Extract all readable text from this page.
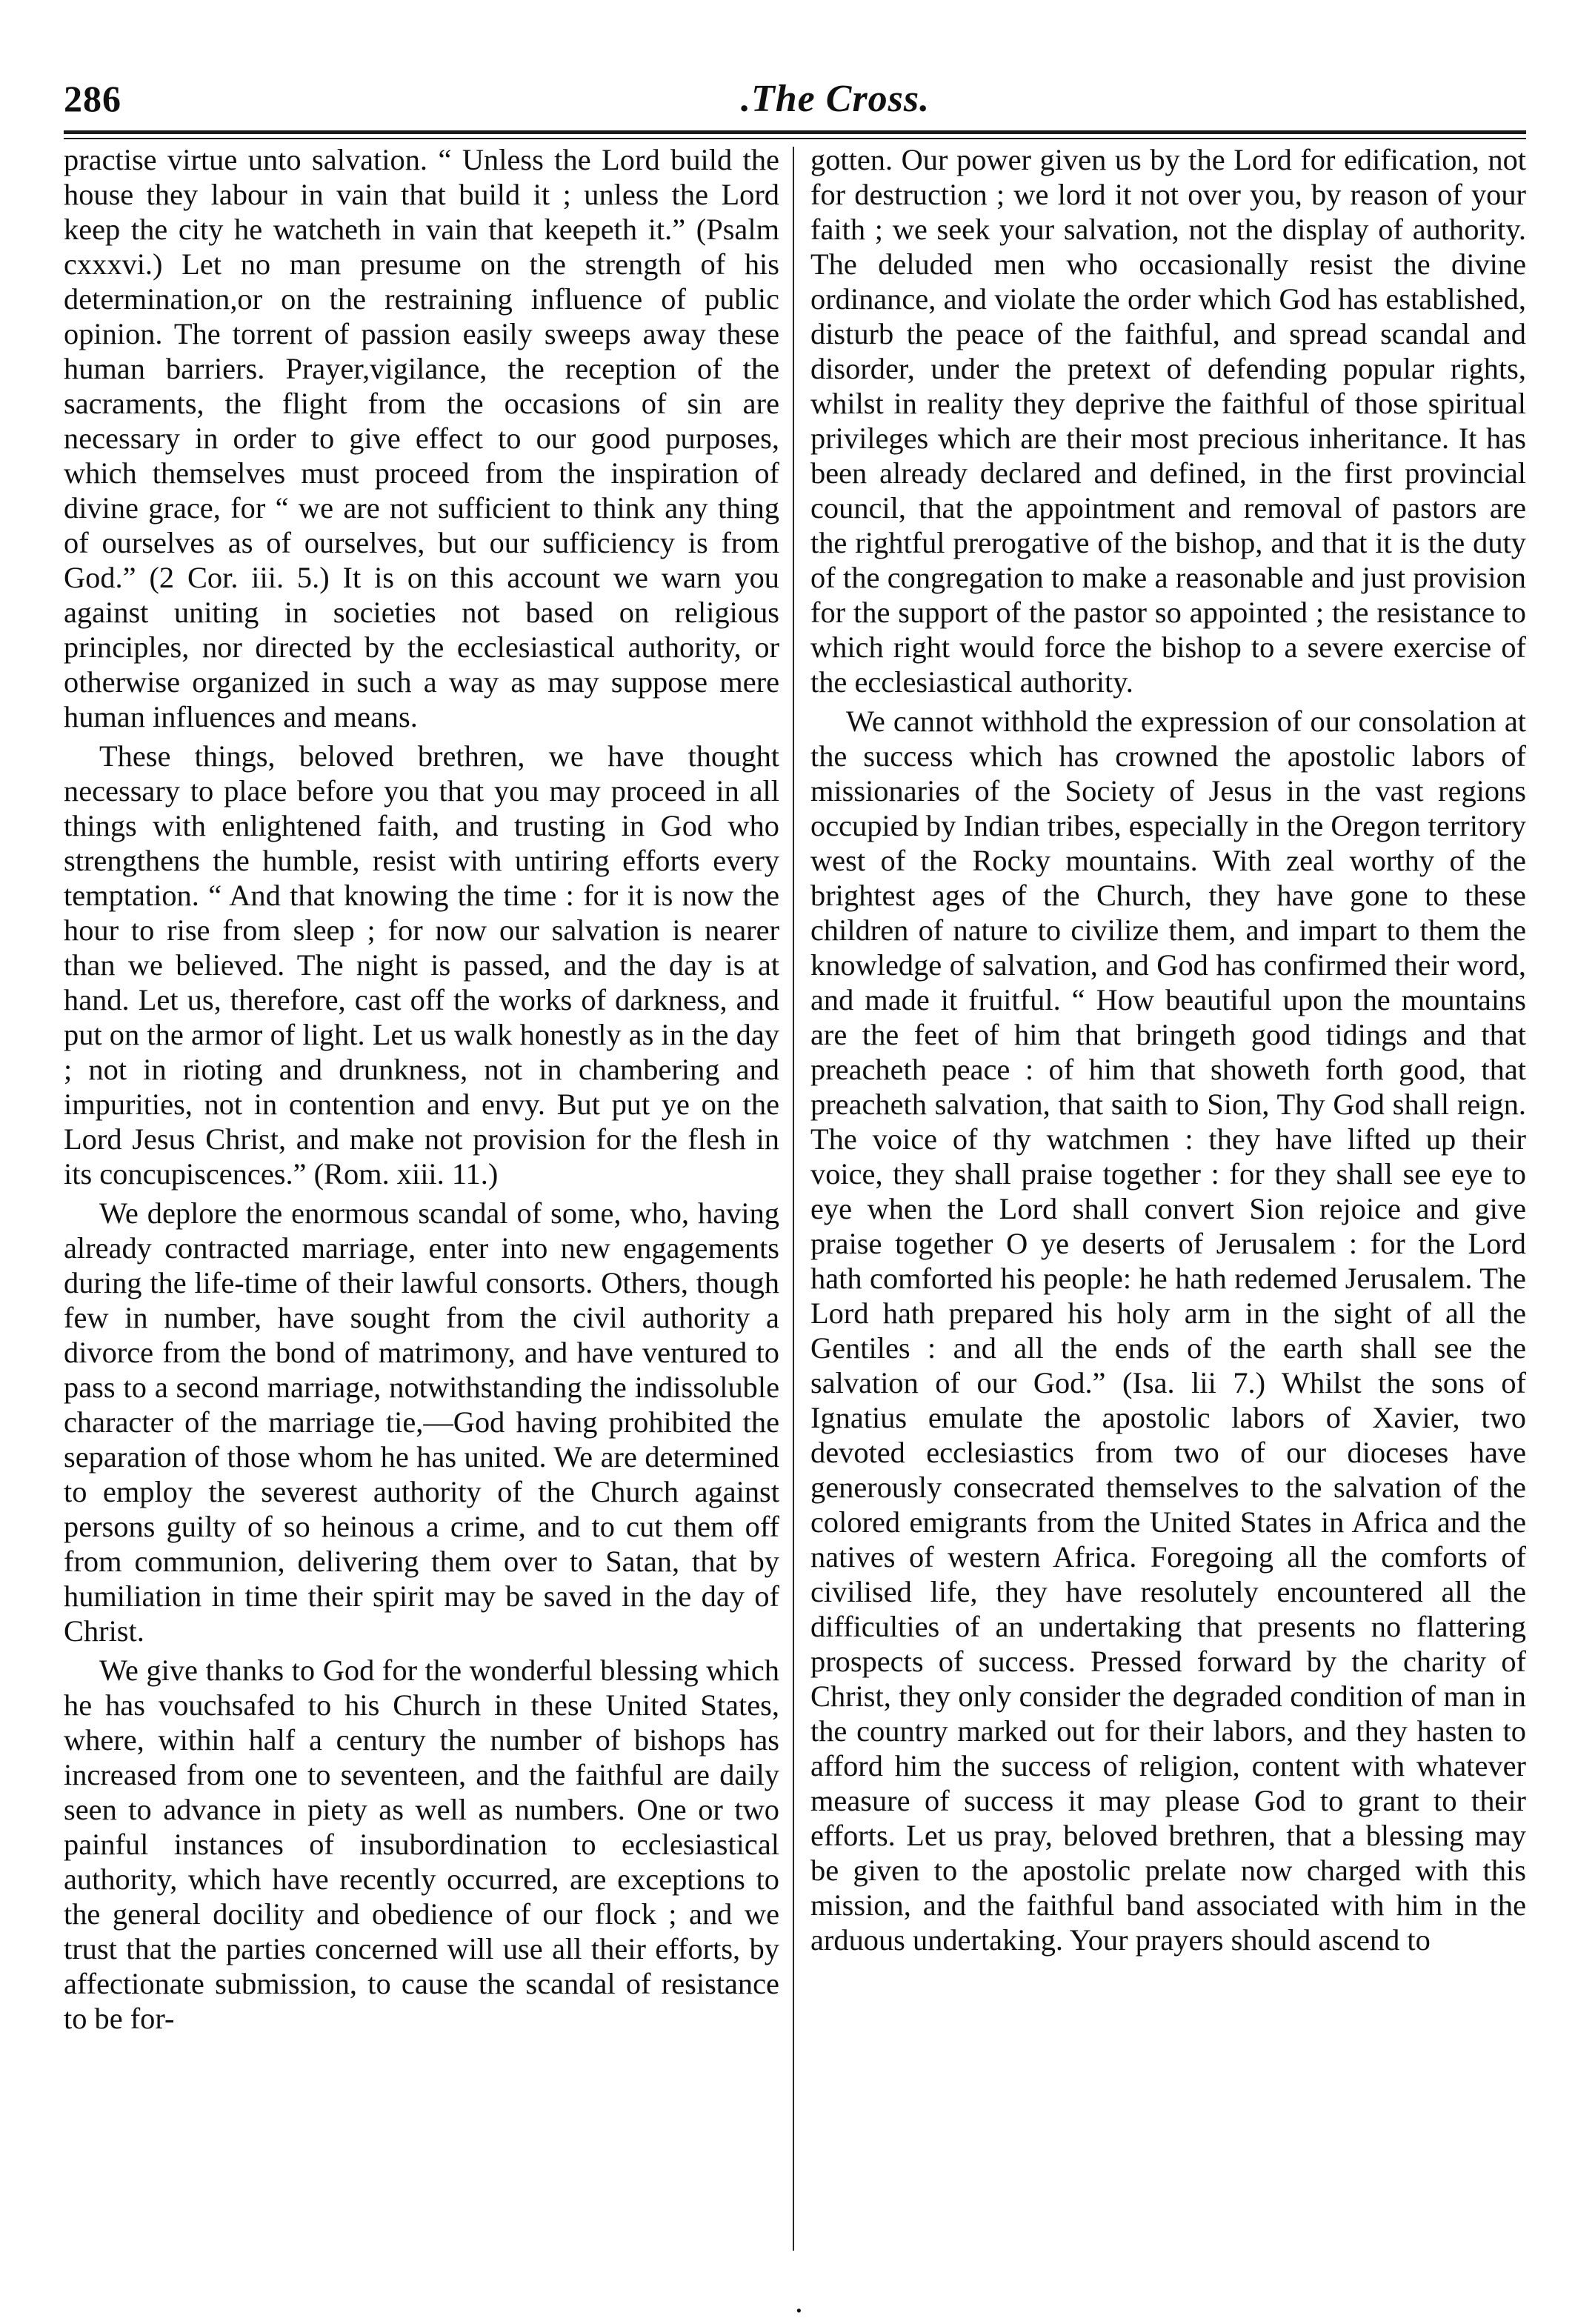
286	.The Cross.

practise virtue unto salvation. “ Unless the Lord build the house they labour in vain that build it ; unless the Lord keep the city he watcheth in vain that keepeth it.” (Psalm cxxxvi.) Let no man presume on the strength of his determination,or on the restraining influence of public opinion. The torrent of passion easily sweeps away these human barriers. Prayer,vigilance, the reception of the sacraments, the flight from the occasions of sin are necessary in order to give effect to our good purposes, which themselves must proceed from the inspiration of divine grace, for “ we are not sufficient to think any thing of ourselves as of ourselves, but our sufficiency is from God.” (2 Cor. iii. 5.) It is on this account we warn you against uniting in societies not based on religious principles, nor directed by the ecclesiastical authority, or otherwise organized in such a way as may suppose mere human influences and means.

These things, beloved brethren, we have thought necessary to place before you that you may proceed in all things with enlightened faith, and trusting in God who strengthens the humble, resist with untiring efforts every temptation. “ And that knowing the time : for it is now the hour to rise from sleep ; for now our salvation is nearer than we believed. The night is passed, and the day is at hand. Let us, therefore, cast off the works of darkness, and put on the armor of light. Let us walk honestly as in the day ; not in rioting and drunkness, not in chambering and impurities, not in contention and envy. But put ye on the Lord Jesus Christ, and make not provision for the flesh in its concupiscences.” (Rom. xiii. 11.)

We deplore the enormous scandal of some, who, having already contracted marriage, enter into new engagements during the life-time of their lawful consorts. Others, though few in number, have sought from the civil authority a divorce from the bond of matrimony, and have ventured to pass to a second marriage, notwithstanding the indissoluble character of the marriage tie,—God having prohibited the separation of those whom he has united. We are determined to employ the severest authority of the Church against persons guilty of so heinous a crime, and to cut them off from communion, delivering them over to Satan, that by humiliation in time their spirit may be saved in the day of Christ.

We give thanks to God for the wonderful blessing which he has vouchsafed to his Church in these United States, where, within half a century the number of bishops has increased from one to seventeen, and the faithful are daily seen to advance in piety as well as numbers. One or two painful instances of insubordination to ecclesiastical authority, which have recently occurred, are exceptions to the general docility and obedience of our flock ; and we trust that the parties concerned will use all their efforts, by affectionate submission, to cause the scandal of resistance to be for-

gotten. Our power given us by the Lord for edification, not for destruction ; we lord it not over you, by reason of your faith ; we seek your salvation, not the display of authority. The deluded men who occasionally resist the divine ordinance, and violate the order which God has established, disturb the peace of the faithful, and spread scandal and disorder, under the pretext of defending popular rights, whilst in reality they deprive the faithful of those spiritual privileges which are their most precious inheritance. It has been already declared and defined, in the first provincial council, that the appointment and removal of pastors are the rightful prerogative of the bishop, and that it is the duty of the congregation to make a reasonable and just provision for the support of the pastor so appointed ; the resistance to which right would force the bishop to a severe exercise of the ecclesiastical authority.

We cannot withhold the expression of our consolation at the success which has crowned the apostolic labors of missionaries of the Society of Jesus in the vast regions occupied by Indian tribes, especially in the Oregon territory west of the Rocky mountains. With zeal worthy of the brightest ages of the Church, they have gone to these children of nature to civilize them, and impart to them the knowledge of salvation, and God has confirmed their word, and made it fruitful. “ How beautiful upon the mountains are the feet of him that bringeth good tidings and that preacheth peace : of him that showeth forth good, that preacheth salvation, that saith to Sion, Thy God shall reign. The voice of thy watchmen : they have lifted up their voice, they shall praise together : for they shall see eye to eye when the Lord shall convert Sion rejoice and give praise together O ye deserts of Jerusalem : for the Lord hath comforted his people: he hath redemed Jerusalem. The Lord hath prepared his holy arm in the sight of all the Gentiles : and all the ends of the earth shall see the salvation of our God.” (Isa. lii 7.) Whilst the sons of Ignatius emulate the apostolic labors of Xavier, two devoted ecclesiastics from two of our dioceses have generously consecrated themselves to the salvation of the colored emigrants from the United States in Africa and the natives of western Africa. Foregoing all the comforts of civilised life, they have resolutely encountered all the difficulties of an undertaking that presents no flattering prospects of success. Pressed forward by the charity of Christ, they only consider the degraded condition of man in the country marked out for their labors, and they hasten to afford him the success of religion, content with whatever measure of success it may please God to grant to their efforts. Let us pray, beloved brethren, that a blessing may be given to the apostolic prelate now charged with this mission, and the faithful band associated with him in the arduous undertaking. Your prayers should ascend to

.
